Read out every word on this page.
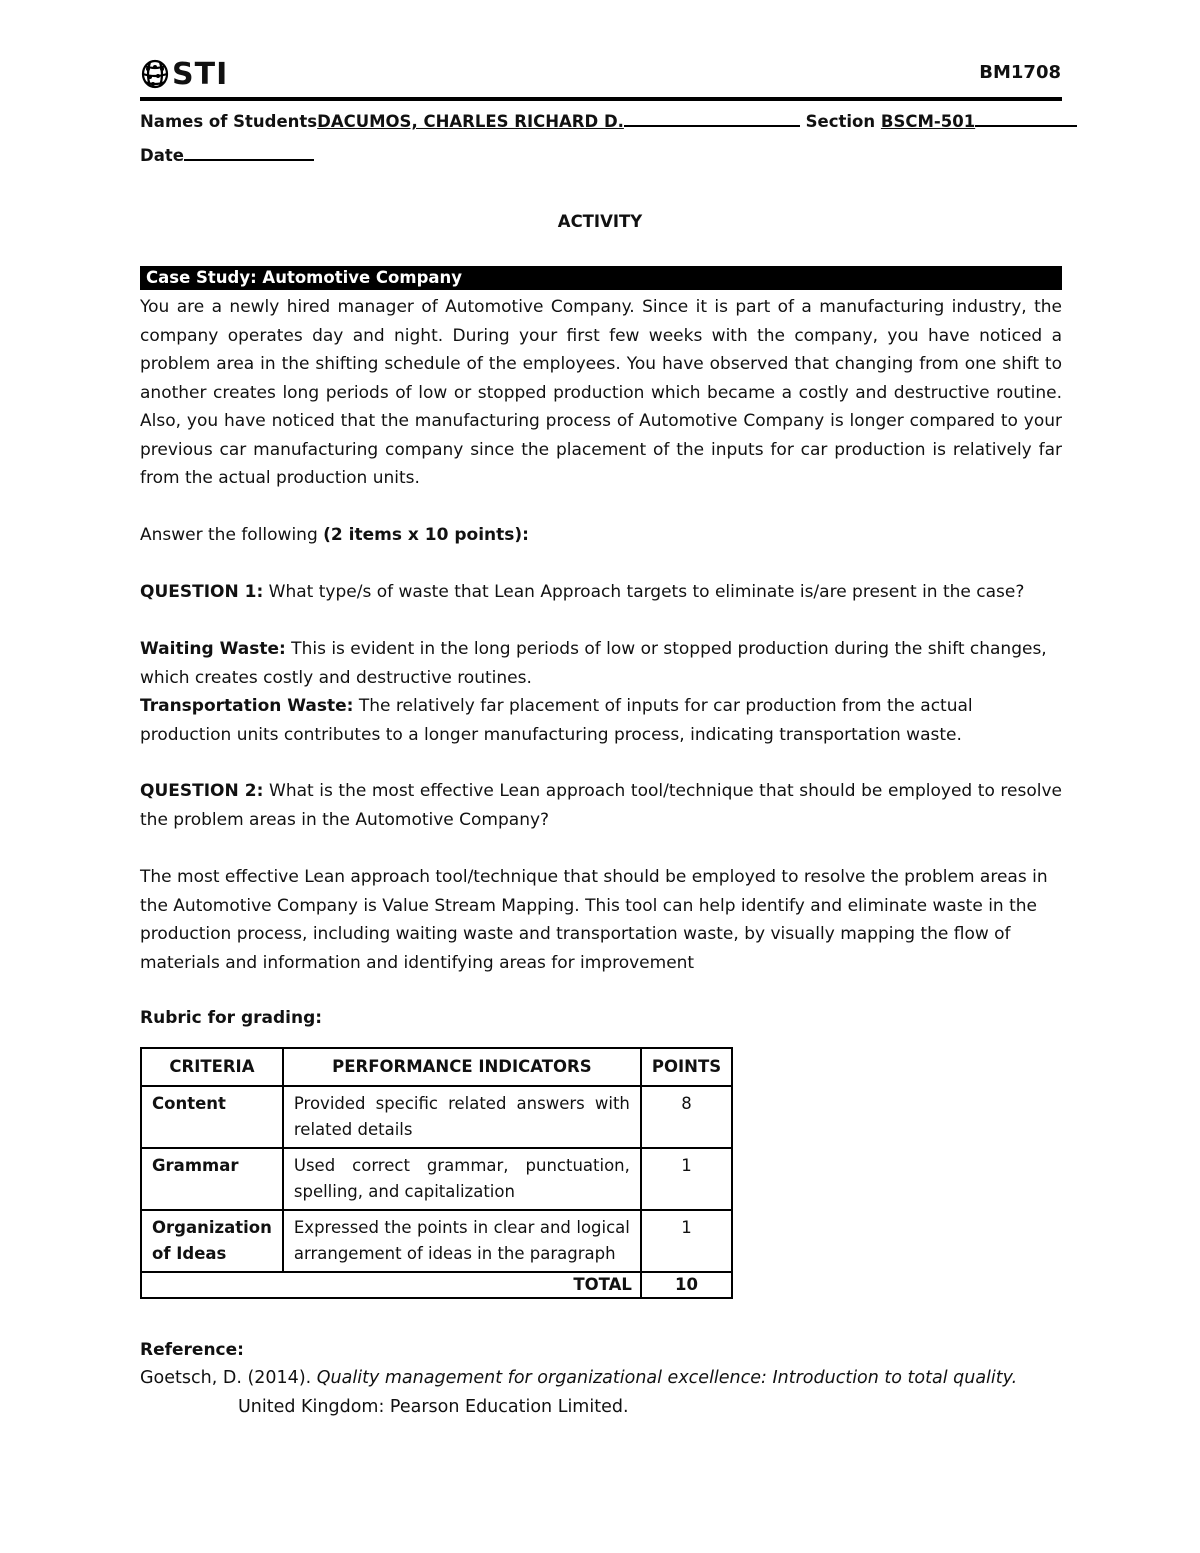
STI	BM1708
Names of StudentsDACUMOS, CHARLES RICHARD D.	Section BSCM-501
Date
ACTIVITY
Case Study: Automotive Company
You are a newly hired manager of Automotive Company. Since it is part of a manufacturing industry, the company operates day and night. During your first few weeks with the company, you have noticed a problem area in the shifting schedule of the employees. You have observed that changing from one shift to another creates long periods of low or stopped production which became a costly and destructive routine. Also, you have noticed that the manufacturing process of Automotive Company is longer compared to your previous car manufacturing company since the placement of the inputs for car production is relatively far from the actual production units.
Answer the following (2 items x 10 points):
QUESTION 1: What type/s of waste that Lean Approach targets to eliminate is/are present in the case?
Waiting Waste: This is evident in the long periods of low or stopped production during the shift changes, which creates costly and destructive routines.
Transportation Waste: The relatively far placement of inputs for car production from the actual production units contributes to a longer manufacturing process, indicating transportation waste.
QUESTION 2: What is the most effective Lean approach tool/technique that should be employed to resolve the problem areas in the Automotive Company?
The most effective Lean approach tool/technique that should be employed to resolve the problem areas in the Automotive Company is Value Stream Mapping. This tool can help identify and eliminate waste in the production process, including waiting waste and transportation waste, by visually mapping the flow of materials and information and identifying areas for improvement
Rubric for grading:
CRITERIA	PERFORMANCE INDICATORS	POINTS
Content	Provided specific related answers with related details	8
Grammar	Used correct grammar, punctuation, spelling, and capitalization	1
Organization of Ideas	Expressed the points in clear and logical arrangement of ideas in the paragraph	1
TOTAL		10
Reference:
Goetsch, D. (2014). Quality management for organizational excellence: Introduction to total quality.
United Kingdom: Pearson Education Limited.
